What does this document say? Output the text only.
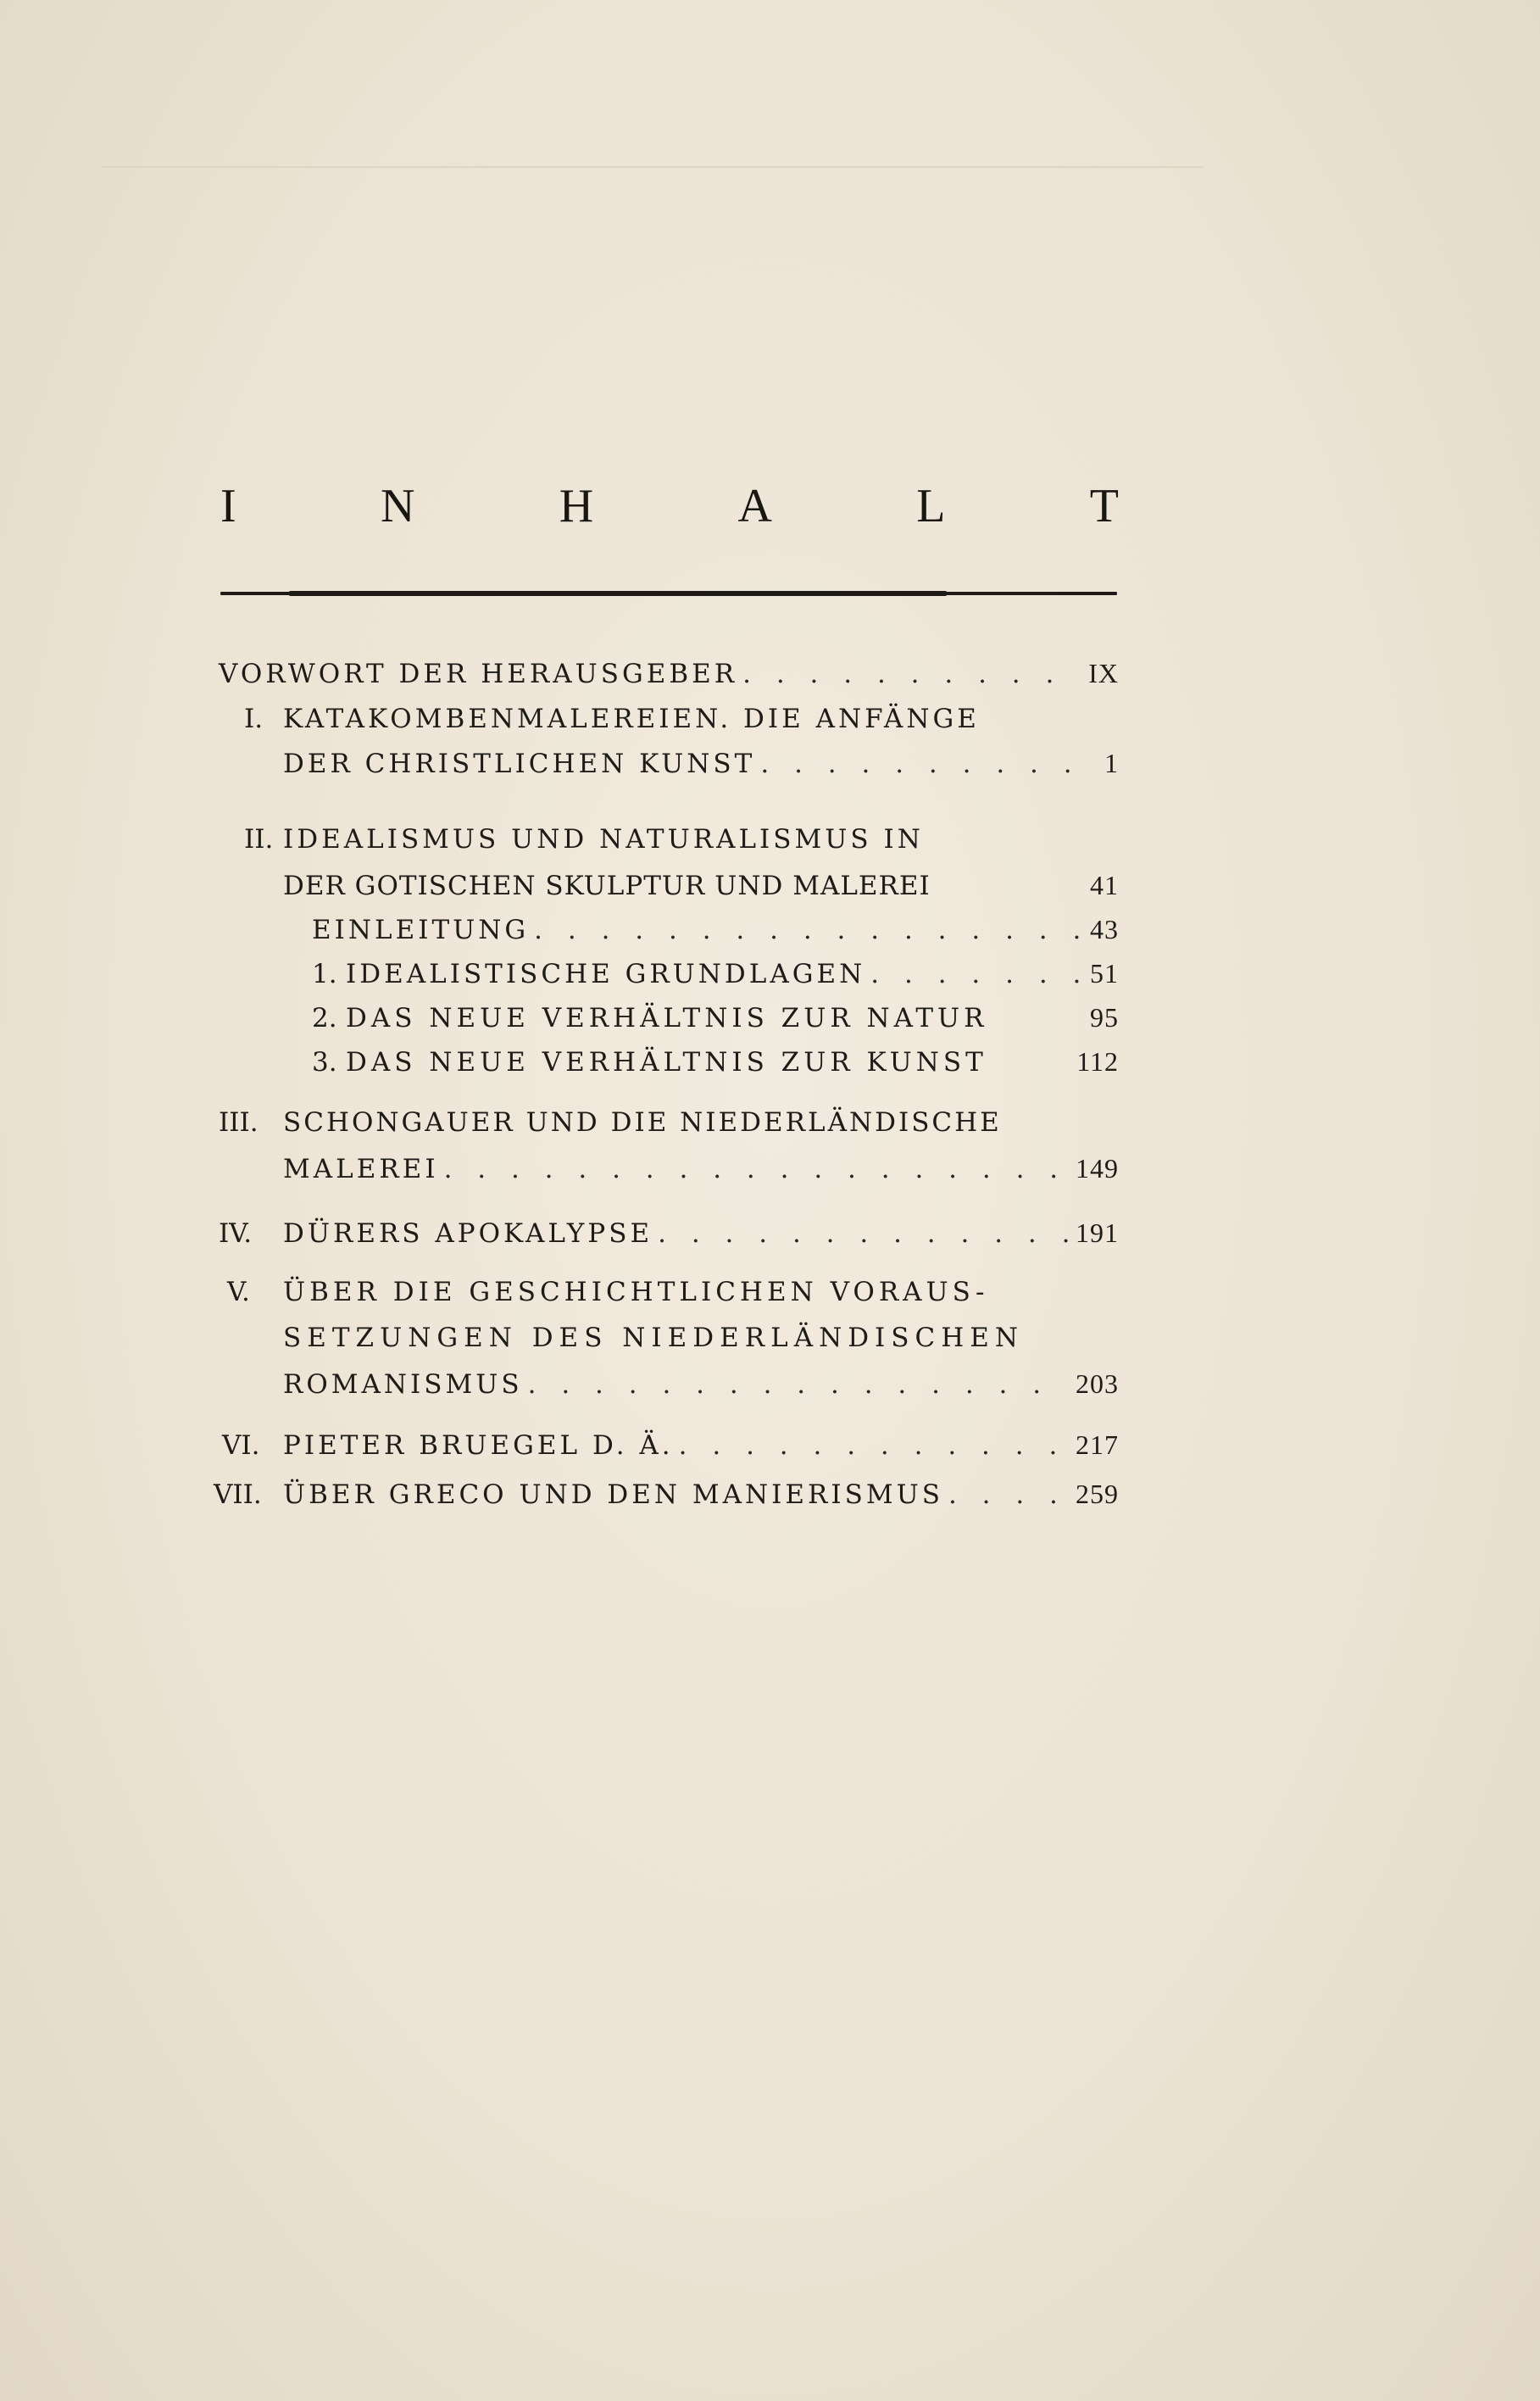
I	N	H	A	L	T
VORWORT DER HERAUSGEBER . . .	IX
I. KATAKOMBENMALEREIEN. DIE ANFÄNGE
DER CHRISTLICHEN KUNST . . .	1
II. IDEALISMUS UND NATURALISMUS IN
DER GOTISCHEN SKULPTUR UND MALEREI	41
EINLEITUNG . . .	43
1. IDEALISTISCHE GRUNDLAGEN . . .	51
2. DAS NEUE VERHÄLTNIS ZUR NATUR	95
3. DAS NEUE VERHÄLTNIS ZUR KUNST	112
III. SCHONGAUER UND DIE NIEDERLÄNDISCHE
MALEREI . . .	149
IV.	DÜRERS APOKALYPSE . . .	191
V.	ÜBER DIE GESCHICHTLICHEN VORAUS-
SETZUNGEN DES NIEDERLÄNDISCHEN
ROMANISMUS . . .	203
VI. PIETER BRUEGEL D. Ä. . . .	217
VII. ÜBER GRECO UND DEN MANIERISMUS . . .	259
